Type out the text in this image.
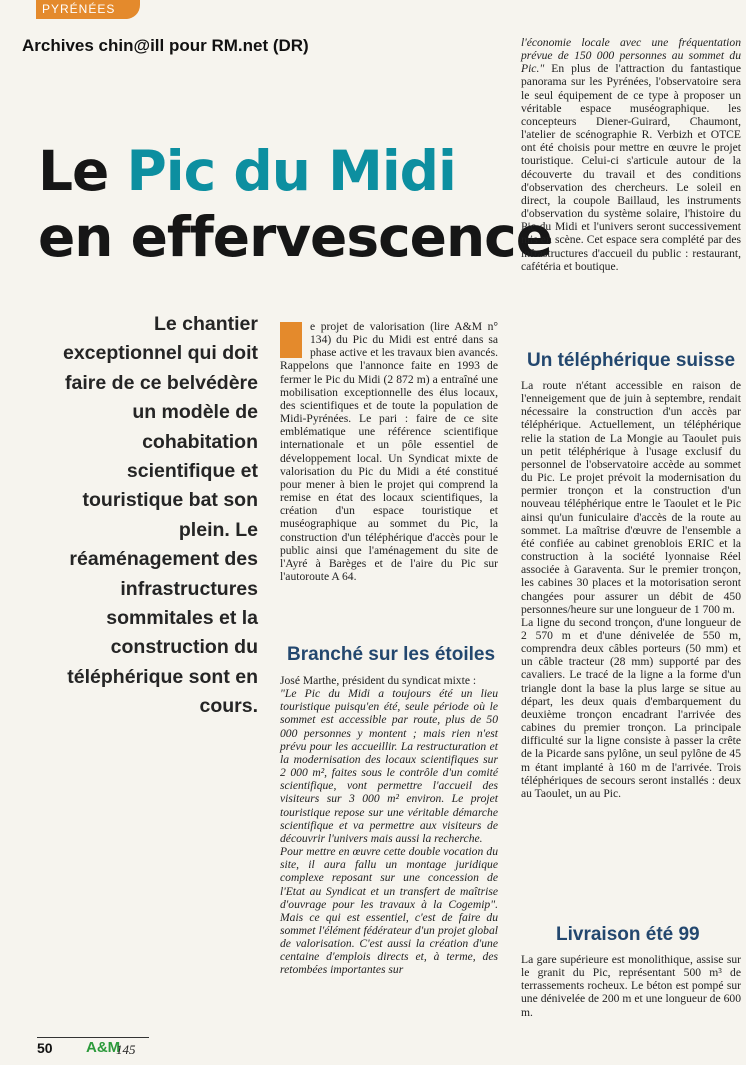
PYRÉNÉES
Archives chin@ill pour RM.net (DR)
Le Pic du Midi
en effervescence
Le chantier exceptionnel qui doit faire de ce belvédère un modèle de cohabitation scientifique et touristique bat son plein. Le réaménagement des infrastructures sommitales et la construction du téléphérique sont en cours.

e projet de valorisation (lire A&M n° 134) du Pic du Midi est entré dans sa phase active et les travaux bien avancés. Rappelons que l'annonce faite en 1993 de fermer le Pic du Midi (2 872 m) a entraîné une mobilisation exceptionnelle des élus locaux, des scientifiques et de toute la population de Midi-Pyrénées. Le pari : faire de ce site emblématique une référence scientifique internationale et un pôle essentiel de développement local. Un Syndicat mixte de valorisation du Pic du Midi a été constitué pour mener à bien le projet qui comprend la remise en état des locaux scientifiques, la création d'un espace touristique et muséographique au sommet du Pic, la construction d'un téléphérique d'accès pour le public ainsi que l'aménagement du site de l'Ayré à Barèges et de l'aire du Pic sur l'autoroute A 64.

Branché sur les étoiles

José Marthe, président du syndicat mixte :

"Le Pic du Midi a toujours été un lieu touristique puisqu'en été, seule période où le sommet est accessible par route, plus de 50 000 personnes y montent ; mais rien n'est prévu pour les accueillir. La restructuration et la modernisation des locaux scientifiques sur 2 000 m², faites sous le contrôle d'un comité scientifique, vont permettre l'accueil des visiteurs sur 3 000 m² environ. Le projet touristique repose sur une véritable démarche scientifique et va permettre aux visiteurs de découvrir l'univers mais aussi la recherche.

Pour mettre en œuvre cette double vocation du site, il aura fallu un montage juridique complexe reposant sur une concession de l'Etat au Syndicat et un transfert de maîtrise d'ouvrage pour les travaux à la Cogemip". Mais ce qui est essentiel, c'est de faire du sommet l'élément fédérateur d'un projet global de valorisation. C'est aussi la création d'une centaine d'emplois directs et, à terme, des retombées importantes sur

l'économie locale avec une fréquentation prévue de 150 000 personnes au sommet du Pic." En plus de l'attraction du fantastique panorama sur les Pyrénées, l'observatoire sera le seul équipement de ce type à proposer un véritable espace muséographique. les concepteurs Diener-Guirard, Chaumont, l'atelier de scénographie R. Verbizh et OTCE ont été choisis pour mettre en œuvre le projet touristique. Celui-ci s'articule autour de la découverte du travail et des conditions d'observation des chercheurs. Le soleil en direct, la coupole Baillaud, les instruments d'observation du système solaire, l'histoire du Pic du Midi et l'univers seront successivement mis en scène. Cet espace sera complété par des infrastructures d'accueil du public : restaurant, cafétéria et boutique.

Un téléphérique suisse

La route n'étant accessible en raison de l'enneigement que de juin à septembre, rendait nécessaire la construction d'un accès par téléphérique. Actuellement, un téléphérique relie la station de La Mongie au Taoulet puis un petit téléphérique à l'usage exclusif du personnel de l'observatoire accède au sommet du Pic. Le projet prévoit la modernisation du permier tronçon et la construction d'un nouveau téléphérique entre le Taoulet et le Pic ainsi qu'un funiculaire d'accès de la route au sommet. La maîtrise d'œuvre de l'ensemble a été confiée au cabinet grenoblois ERIC et la construction à la société lyonnaise Réel associée à Garaventa. Sur le premier tronçon, les cabines 30 places et la motorisation seront changées pour assurer un débit de 450 personnes/heure sur une longueur de 1 700 m.

La ligne du second tronçon, d'une longueur de 2 570 m et d'une dénivelée de 550 m, comprendra deux câbles porteurs (50 mm) et un câble tracteur (28 mm) supporté par des cavaliers. Le tracé de la ligne a la forme d'un triangle dont la base la plus large se situe au départ, les deux quais d'embarquement du deuxième tronçon encadrant l'arrivée des cabines du premier tronçon. La principale difficulté sur la ligne consiste à passer la crête de la Picarde sans pylône, un seul pylône de 45 m étant implanté à 160 m de l'arrivée. Trois téléphériques de secours seront installés : deux au Taoulet, un au Pic.

Livraison été 99

La gare supérieure est monolithique, assise sur le granit du Pic, représentant 500 m³ de terrassements rocheux. Le béton est pompé sur une dénivelée de 200 m et une longueur de 600 m.

50 A&M
145
